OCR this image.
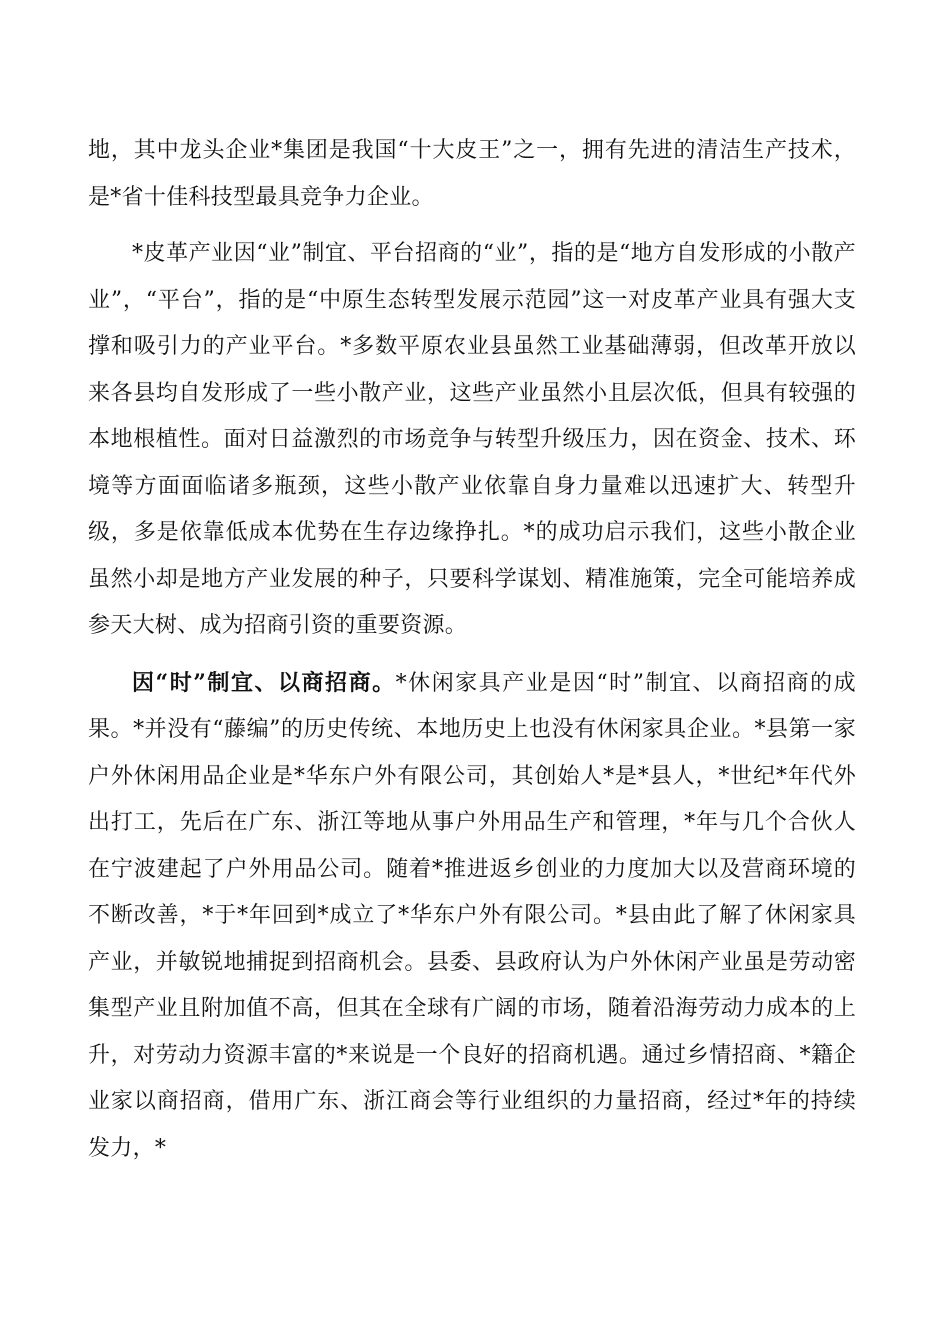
地，其中龙头企业*集团是我国“十大皮王”之一，拥有先进的清洁生产技术，是*省十佳科技型最具竞争力企业。

*皮革产业因“业”制宜、平台招商的“业”，指的是“地方自发形成的小散产业”，“平台”，指的是“中原生态转型发展示范园”这一对皮革产业具有强大支撑和吸引力的产业平台。*多数平原农业县虽然工业基础薄弱，但改革开放以来各县均自发形成了一些小散产业，这些产业虽然小且层次低，但具有较强的本地根植性。面对日益激烈的市场竞争与转型升级压力，因在资金、技术、环境等方面面临诸多瓶颈，这些小散产业依靠自身力量难以迅速扩大、转型升级，多是依靠低成本优势在生存边缘挣扎。*的成功启示我们，这些小散企业虽然小却是地方产业发展的种子，只要科学谋划、精准施策，完全可能培养成参天大树、成为招商引资的重要资源。

因“时”制宜、以商招商。*休闲家具产业是因“时”制宜、以商招商的成果。*并没有“藤编”的历史传统、本地历史上也没有休闲家具企业。*县第一家户外休闲用品企业是*华东户外有限公司，其创始人*是*县人，*世纪*年代外出打工，先后在广东、浙江等地从事户外用品生产和管理，*年与几个合伙人在宁波建起了户外用品公司。随着*推进返乡创业的力度加大以及营商环境的不断改善，*于*年回到*成立了*华东户外有限公司。*县由此了解了休闲家具产业，并敏锐地捕捉到招商机会。县委、县政府认为户外休闲产业虽是劳动密集型产业且附加值不高，但其在全球有广阔的市场，随着沿海劳动力成本的上升，对劳动力资源丰富的*来说是一个良好的招商机遇。通过乡情招商、*籍企业家以商招商，借用广东、浙江商会等行业组织的力量招商，经过*年的持续发力，*
